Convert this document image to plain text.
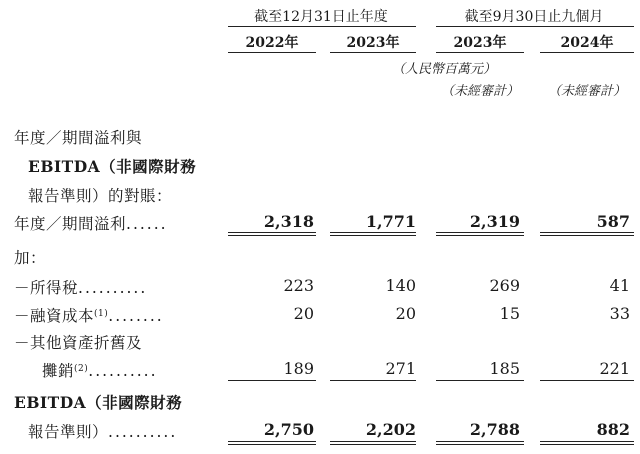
截至12月31日止年度	截至9月30日止九個月
2022年	2023年	2023年	2024年
（人民幣百萬元）
（未經審計）	（未經審計）
年度／期間溢利與
EBITDA（非國際財務
報告準則）的對賬：
年度／期間溢利......	2,318	1,771	2,319	587
加：
－所得稅..........	223	140	269	41
－融資成本$^{(1)}$........	20	20	15	33
－其他資產折舊及
攤銷$^{(2)}$..........	189	271	185	221
EBITDA（非國際財務
報告準則）..........	2,750	2,202	2,788	882
